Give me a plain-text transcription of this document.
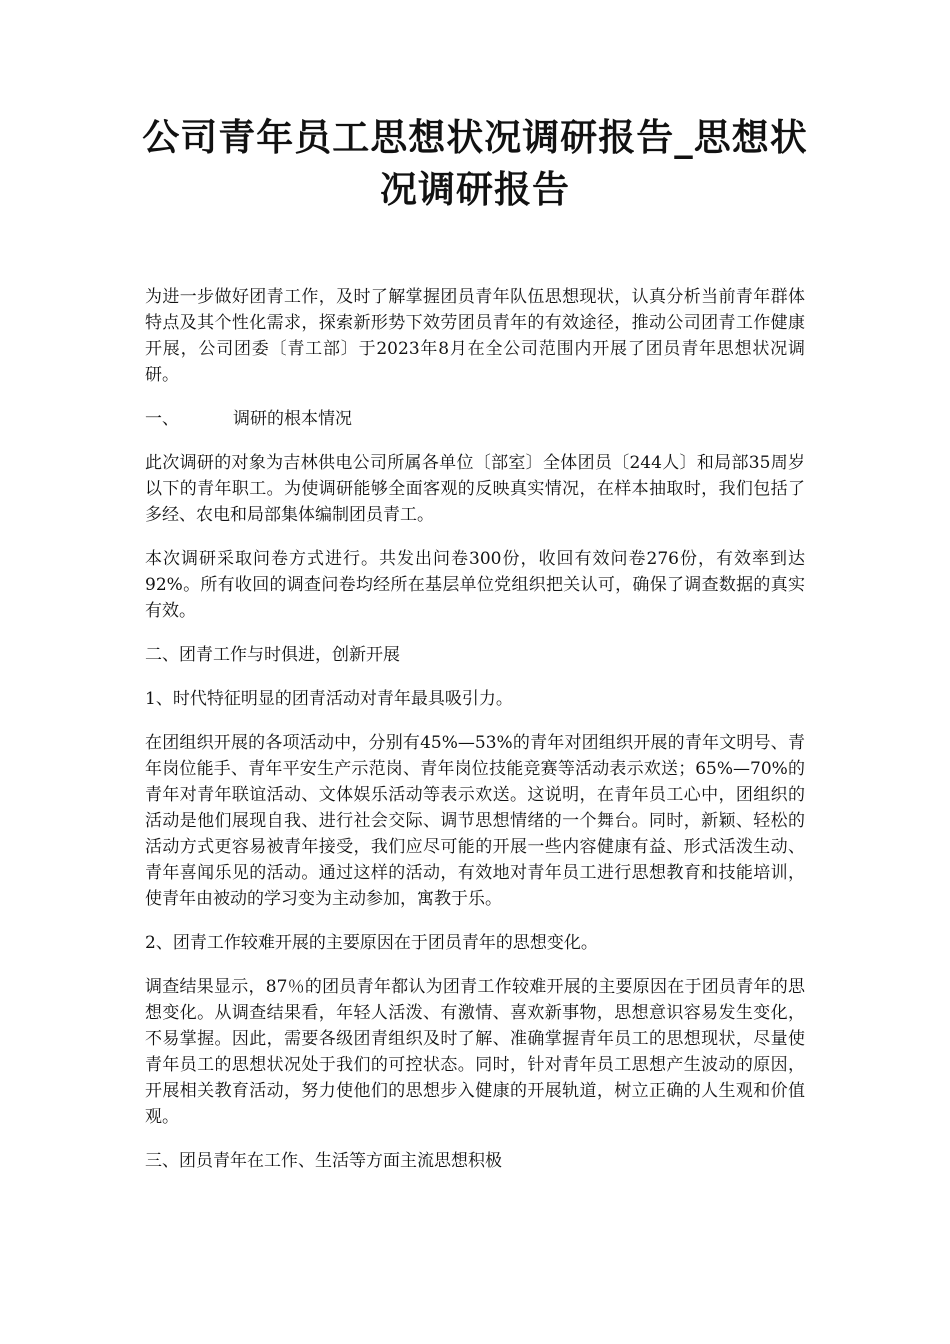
公司青年员工思想状况调研报告_思想状况调研报告

为进一步做好团青工作，及时了解掌握团员青年队伍思想现状，认真分析当前青年群体特点及其个性化需求，探索新形势下效劳团员青年的有效途径，推动公司团青工作健康开展，公司团委〔青工部〕于2023年8月在全公司范围内开展了团员青年思想状况调研。

一、	调研的根本情况

此次调研的对象为吉林供电公司所属各单位〔部室〕全体团员〔244人〕和局部35周岁以下的青年职工。为使调研能够全面客观的反映真实情况，在样本抽取时，我们包括了多经、农电和局部集体编制团员青工。

本次调研采取问卷方式进行。共发出问卷300份，收回有效问卷276份，有效率到达92%。所有收回的调查问卷均经所在基层单位党组织把关认可，确保了调查数据的真实有效。

二、团青工作与时俱进，创新开展

1、时代特征明显的团青活动对青年最具吸引力。

在团组织开展的各项活动中，分别有45%—53%的青年对团组织开展的青年文明号、青年岗位能手、青年平安生产示范岗、青年岗位技能竞赛等活动表示欢送；65%—70%的青年对青年联谊活动、文体娱乐活动等表示欢送。这说明，在青年员工心中，团组织的活动是他们展现自我、进行社会交际、调节思想情绪的一个舞台。同时，新颖、轻松的活动方式更容易被青年接受，我们应尽可能的开展一些内容健康有益、形式活泼生动、青年喜闻乐见的活动。通过这样的活动，有效地对青年员工进行思想教育和技能培训，使青年由被动的学习变为主动参加，寓教于乐。

2、团青工作较难开展的主要原因在于团员青年的思想变化。

调查结果显示，87％的团员青年都认为团青工作较难开展的主要原因在于团员青年的思想变化。从调查结果看，年轻人活泼、有激情、喜欢新事物，思想意识容易发生变化，不易掌握。因此，需要各级团青组织及时了解、准确掌握青年员工的思想现状，尽量使青年员工的思想状况处于我们的可控状态。同时，针对青年员工思想产生波动的原因，开展相关教育活动，努力使他们的思想步入健康的开展轨道，树立正确的人生观和价值观。

三、团员青年在工作、生活等方面主流思想积极
